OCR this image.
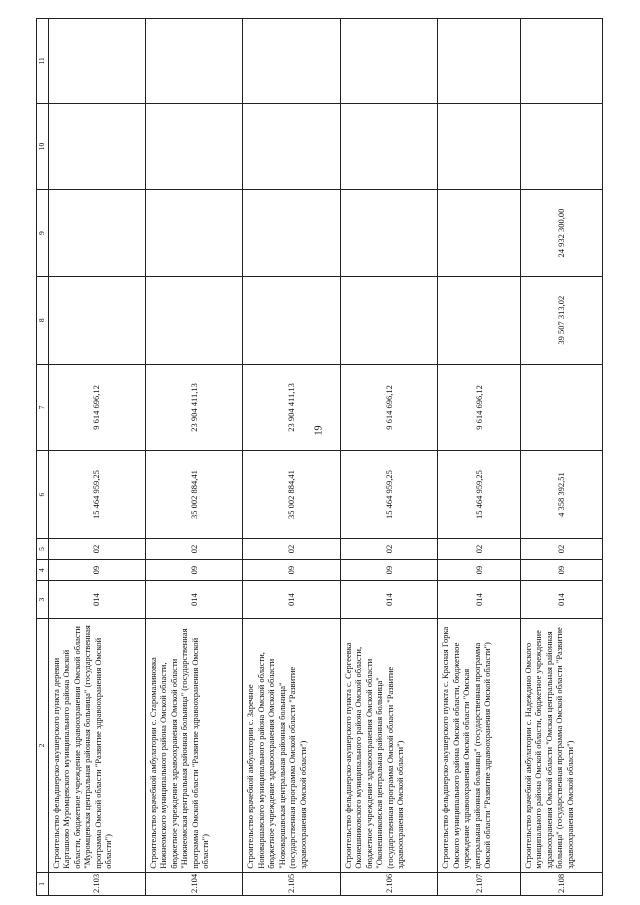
19
1	2	3	4	5	6	7	8	9	10	11
2.103	Строительство фельдшерско-акушерского пункта деревни Карташово Муромцевского муниципального района Омской области, бюджетное учреждение здравоохранения Омской области "Муромцевская центральная районная больница" (государственная программа Омской области "Развитие здравоохранения Омской области")	014	09	02	15 464 959,25	9 614 696,12				
2.104	Строительство врачебной амбулатории с. Старомалиновка Нижнеомского муниципального района Омской области, бюджетное учреждение здравоохранения Омской области "Нижнеомская центральная районная больница" (государственная программа Омской области "Развитие здравоохранения Омской области")	014	09	02	35 002 884,41	23 904 411,13				
2.105	Строительство врачебной амбулатории с. Заречное Нововаршавского муниципального района Омской области, бюджетное учреждение здравоохранения Омской области "Нововаршавская центральная районная больница" (государственная программа Омской области "Развитие здравоохранения Омской области")	014	09	02	35 002 884,41	23 904 411,13				
2.106	Строительство фельдшерско-акушерского пункта с. Сергеевка Оконешниковского муниципального района Омской области, бюджетное учреждение здравоохранения Омской области "Оконешниковская центральная районная больница" (государственная программа Омской области "Развитие здравоохранения Омской области")	014	09	02	15 464 959,25	9 614 696,12				
2.107	Строительство фельдшерско-акушерского пункта с. Красная Горка Омского муниципального района Омской области, бюджетное учреждение здравоохранения Омской области "Омская центральная районная больница" (государственная программа Омской области "Развитие здравоохранения Омской области")	014	09	02	15 464 959,25	9 614 696,12				
2.108	Строительство врачебной амбулатории с. Надеждино Омского муниципального района Омской области, бюджетное учреждение здравоохранения Омской области "Омская центральная районная больница" (государственная программа Омской области "Развитие здравоохранения Омской области")	014	09	02	4 358 392,51		39 507 313,02	24 932 300,00		
